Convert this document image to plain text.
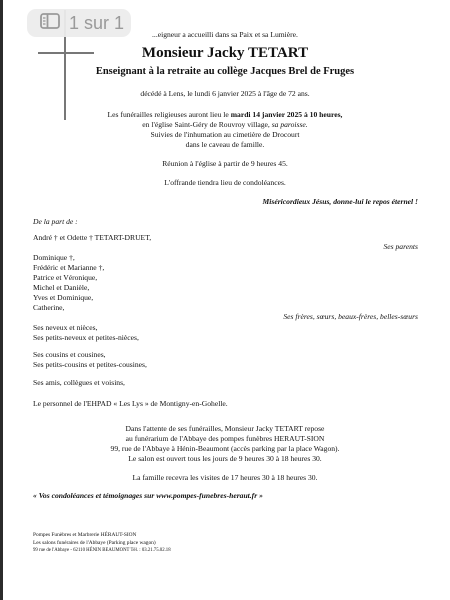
...eigneur a accueilli dans sa Paix et sa Lumière.
Monsieur Jacky TETART
Enseignant à la retraite au collège Jacques Brel de Fruges
décédé à Lens, le lundi 6 janvier 2025 à l'âge de 72 ans.
Les funérailles religieuses auront lieu le mardi 14 janvier 2025 à 10 heures,
en l'église Saint-Géry de Rouvroy village, sa paroisse.
Suivies de l'inhumation au cimetière de Drocourt
dans le caveau de famille.
Réunion à l'église à partir de 9 heures 45.
L'offrande tiendra lieu de condoléances.
Miséricordieux Jésus, donne-lui le repos éternel !
De la part de :
André † et Odette † TETART-DRUET,
Ses parents
Dominique †,
Frédéric et Marianne †,
Patrice et Véronique,
Michel et Danièle,
Yves et Dominique,
Catherine,
Ses frères, sœurs, beaux-frères, belles-sœurs
Ses neveux et nièces,
Ses petits-neveux et petites-nièces,
Ses cousins et cousines,
Ses petits-cousins et petites-cousines,
Ses amis, collègues et voisins,
Le personnel de l'EHPAD « Les Lys » de Montigny-en-Gohelle.
Dans l'attente de ses funérailles, Monsieur Jacky TETART repose
au funérarium de l'Abbaye des pompes funèbres HERAUT-SION
99, rue de l'Abbaye à Hénin-Beaumont (accès parking par la place Wagon).
Le salon est ouvert tous les jours de 9 heures 30 à 18 heures 30.
La famille recevra les visites de 17 heures 30 à 18 heures 30.
« Vos condoléances et témoignages sur www.pompes-funebres-heraut.fr »
Pompes Funèbres et Marbrerie HÉRAUT-SION
Les salons funéraires de l'Abbaye (Parking place wagon)
99 rue de l'Abbaye - 62110 HÉNIN BEAUMONT Tél. : 03.21.75.02.18
1 sur 1
